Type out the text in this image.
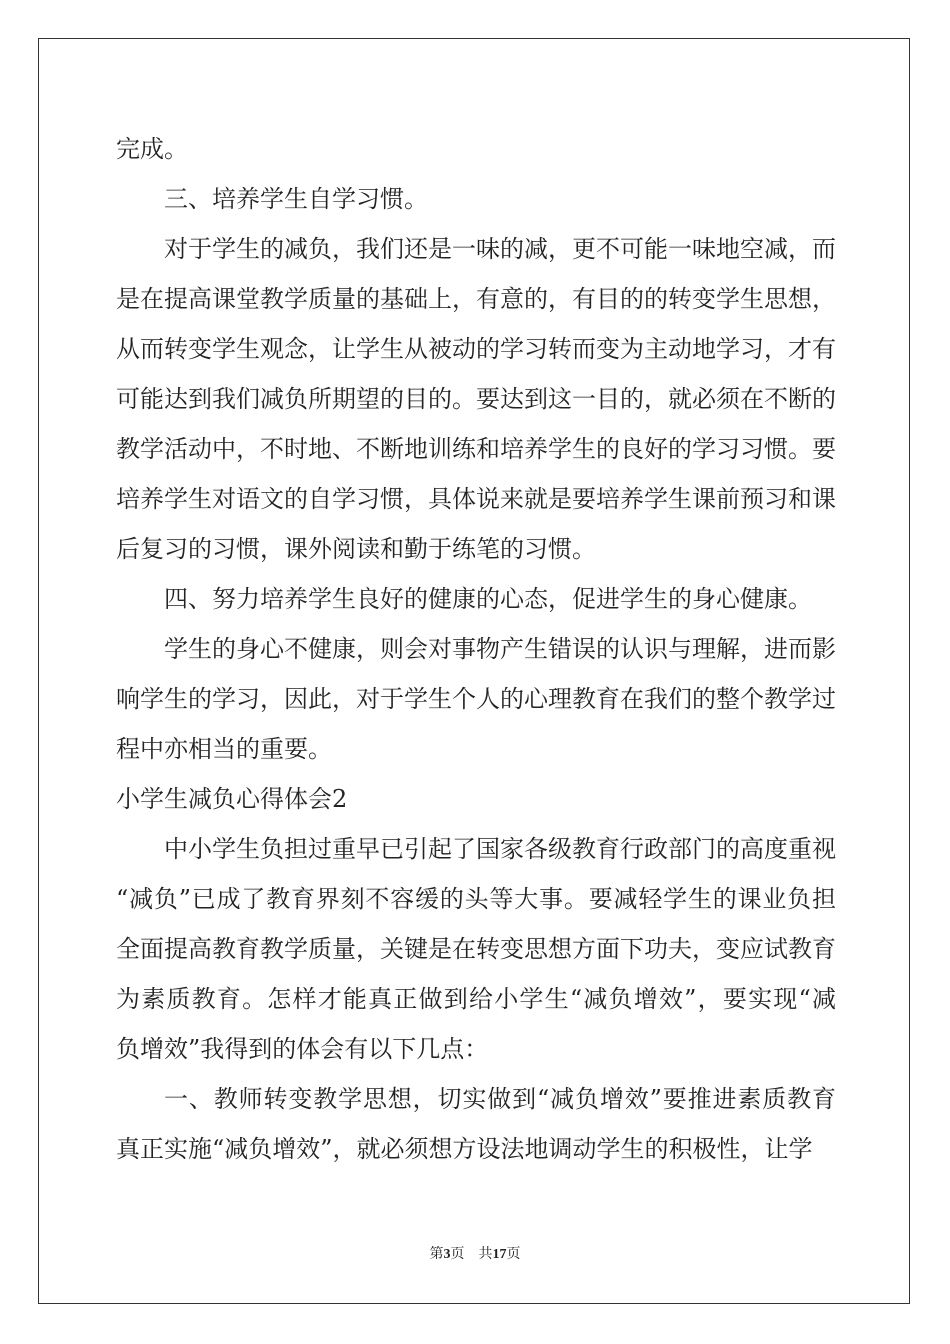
完成。
三、培养学生自学习惯。
对于学生的减负，我们还是一味的减，更不可能一味地空减，而
是在提高课堂教学质量的基础上，有意的，有目的的转变学生思想，
从而转变学生观念，让学生从被动的学习转而变为主动地学习，才有
可能达到我们减负所期望的目的。要达到这一目的，就必须在不断的
教学活动中，不时地、不断地训练和培养学生的良好的学习习惯。要
培养学生对语文的自学习惯，具体说来就是要培养学生课前预习和课
后复习的习惯，课外阅读和勤于练笔的习惯。
四、努力培养学生良好的健康的心态，促进学生的身心健康。
学生的身心不健康，则会对事物产生错误的认识与理解，进而影
响学生的学习，因此，对于学生个人的心理教育在我们的整个教学过
程中亦相当的重要。
小学生减负心得体会2
中小学生负担过重早已引起了国家各级教育行政部门的高度重视
“减负”已成了教育界刻不容缓的头等大事。要减轻学生的课业负担
全面提高教育教学质量，关键是在转变思想方面下功夫，变应试教育
为素质教育。怎样才能真正做到给小学生“减负增效”，要实现“减
负增效”我得到的体会有以下几点：
一、教师转变教学思想，切实做到“减负增效”要推进素质教育
真正实施“减负增效”，就必须想方设法地调动学生的积极性，让学
第3页 共17页
